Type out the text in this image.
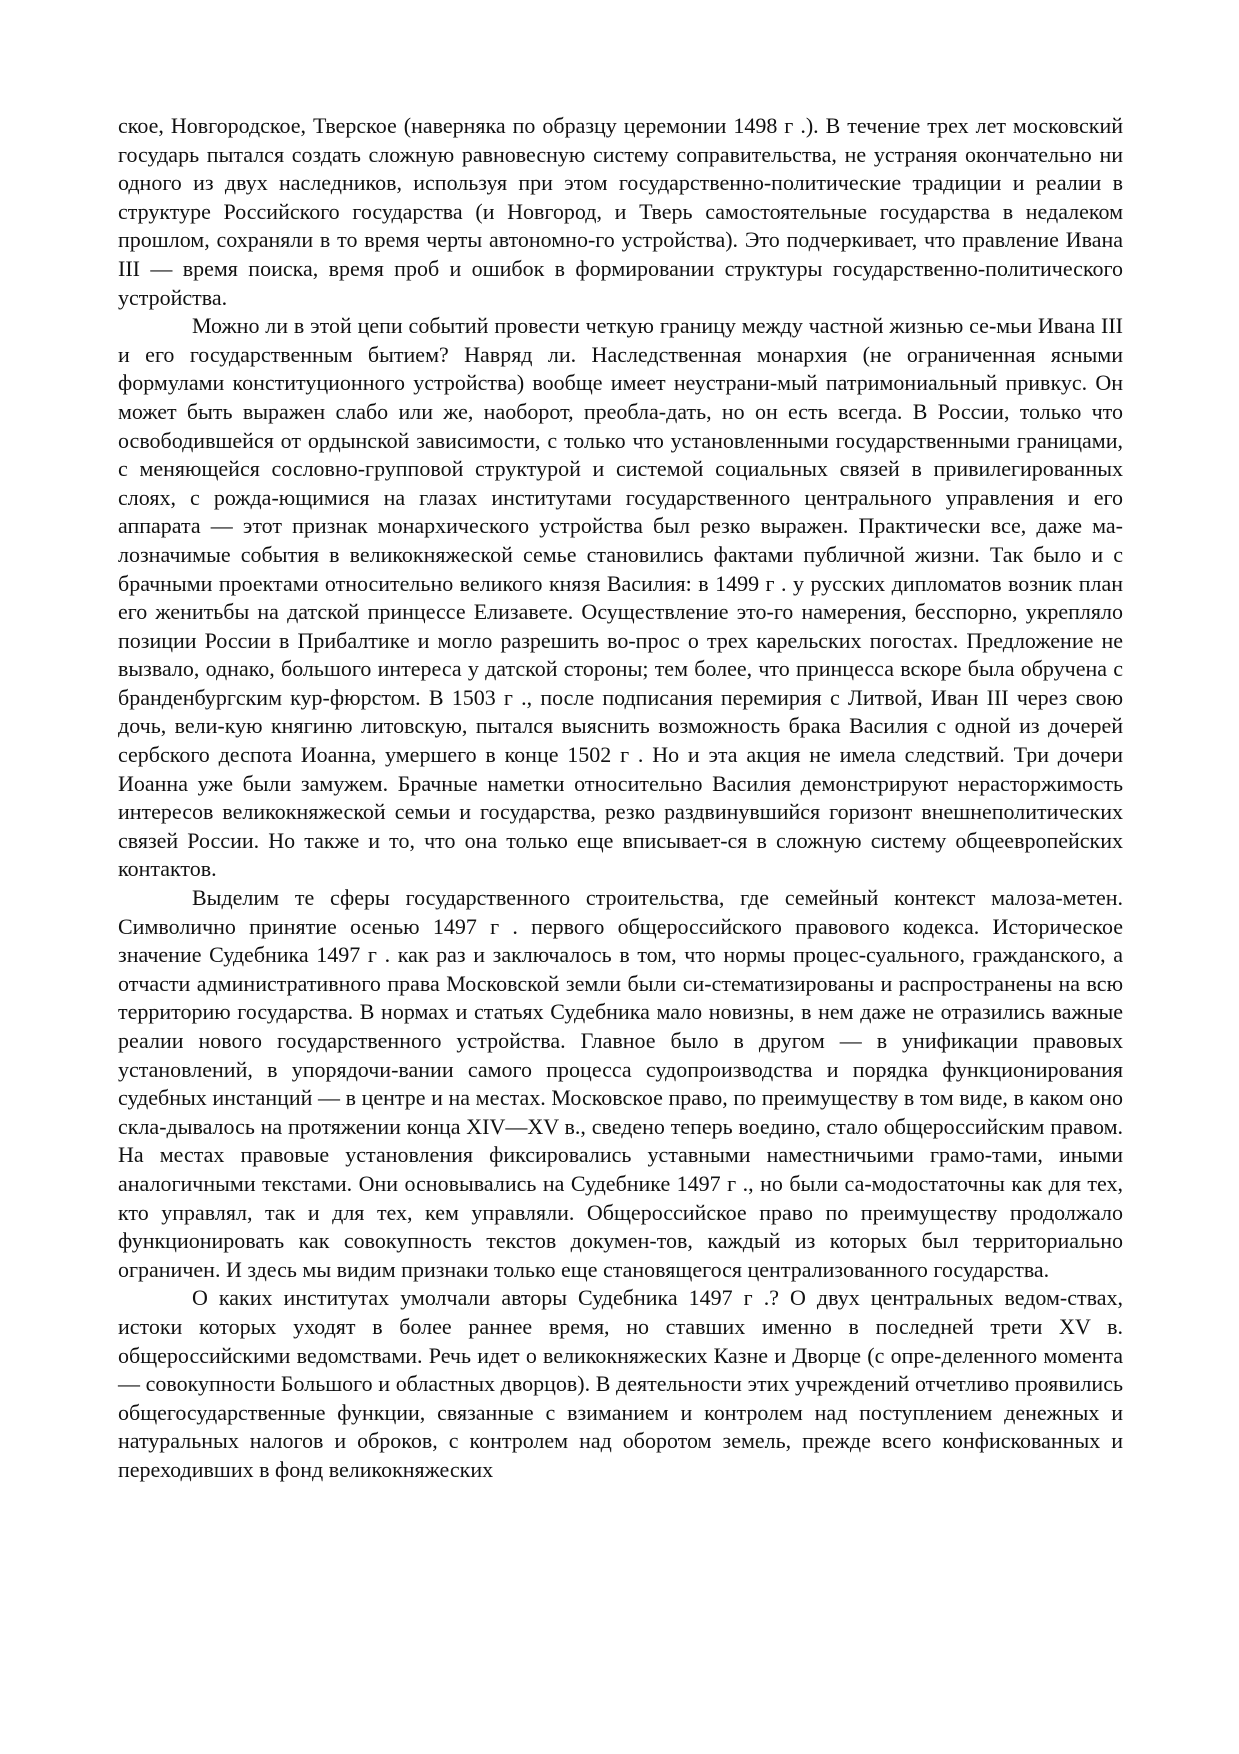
ское, Новгородское, Тверское (наверняка по образцу церемонии 1498 г .). В течение трех лет московский государь пытался создать сложную равновесную систему соправительства, не устраняя окончательно ни одного из двух наследников, используя при этом государственно-политические традиции и реалии в структуре Российского государства (и Новгород, и Тверь самостоятельные государства в недалеком прошлом, сохраняли в то время черты автономно-го устройства). Это подчеркивает, что правление Ивана III — время поиска, время проб и ошибок в формировании структуры государственно-политического устройства.

Можно ли в этой цепи событий провести четкую границу между частной жизнью се-мьи Ивана III и его государственным бытием? Навряд ли. Наследственная монархия (не ограниченная ясными формулами конституционного устройства) вообще имеет неустрани-мый патримониальный привкус. Он может быть выражен слабо или же, наоборот, преобла-дать, но он есть всегда. В России, только что освободившейся от ордынской зависимости, с только что установленными государственными границами, с меняющейся сословно-групповой структурой и системой социальных связей в привилегированных слоях, с рожда-ющимися на глазах институтами государственного центрального управления и его аппарата — этот признак монархического устройства был резко выражен. Практически все, даже ма-лозначимые события в великокняжеской семье становились фактами публичной жизни. Так было и с брачными проектами относительно великого князя Василия: в 1499 г . у русских дипломатов возник план его женитьбы на датской принцессе Елизавете. Осуществление это-го намерения, бесспорно, укрепляло позиции России в Прибалтике и могло разрешить во-прос о трех карельских погостах. Предложение не вызвало, однако, большого интереса у датской стороны; тем более, что принцесса вскоре была обручена с бранденбургским кур-фюрстом. В 1503 г ., после подписания перемирия с Литвой, Иван III через свою дочь, вели-кую княгиню литовскую, пытался выяснить возможность брака Василия с одной из дочерей сербского деспота Иоанна, умершего в конце 1502 г . Но и эта акция не имела следствий. Три дочери Иоанна уже были замужем. Брачные наметки относительно Василия демонстрируют нерасторжимость интересов великокняжеской семьи и государства, резко раздвинувшийся горизонт внешнеполитических связей России. Но также и то, что она только еще вписывает-ся в сложную систему общеевропейских контактов.

Выделим те сферы государственного строительства, где семейный контекст малоза-метен. Символично принятие осенью 1497 г . первого общероссийского правового кодекса. Историческое значение Судебника 1497 г . как раз и заключалось в том, что нормы процес-суального, гражданского, а отчасти административного права Московской земли были си-стематизированы и распространены на всю территорию государства. В нормах и статьях Судебника мало новизны, в нем даже не отразились важные реалии нового государственного устройства. Главное было в другом — в унификации правовых установлений, в упорядочи-вании самого процесса судопроизводства и порядка функционирования судебных инстанций — в центре и на местах. Московское право, по преимуществу в том виде, в каком оно скла-дывалось на протяжении конца XIV—XV в., сведено теперь воедино, стало общероссийским правом. На местах правовые установления фиксировались уставными наместничьими грамо-тами, иными аналогичными текстами. Они основывались на Судебнике 1497 г ., но были са-модостаточны как для тех, кто управлял, так и для тех, кем управляли. Общероссийское право по преимуществу продолжало функционировать как совокупность текстов докумен-тов, каждый из которых был территориально ограничен. И здесь мы видим признаки только еще становящегося централизованного государства.

О каких институтах умолчали авторы Судебника 1497 г .? О двух центральных ведом-ствах, истоки которых уходят в более раннее время, но ставших именно в последней трети XV в. общероссийскими ведомствами. Речь идет о великокняжеских Казне и Дворце (с опре-деленного момента — совокупности Большого и областных дворцов). В деятельности этих учреждений отчетливо проявились общегосударственные функции, связанные с взиманием и контролем над поступлением денежных и натуральных налогов и оброков, с контролем над оборотом земель, прежде всего конфискованных и переходивших в фонд великокняжеских
